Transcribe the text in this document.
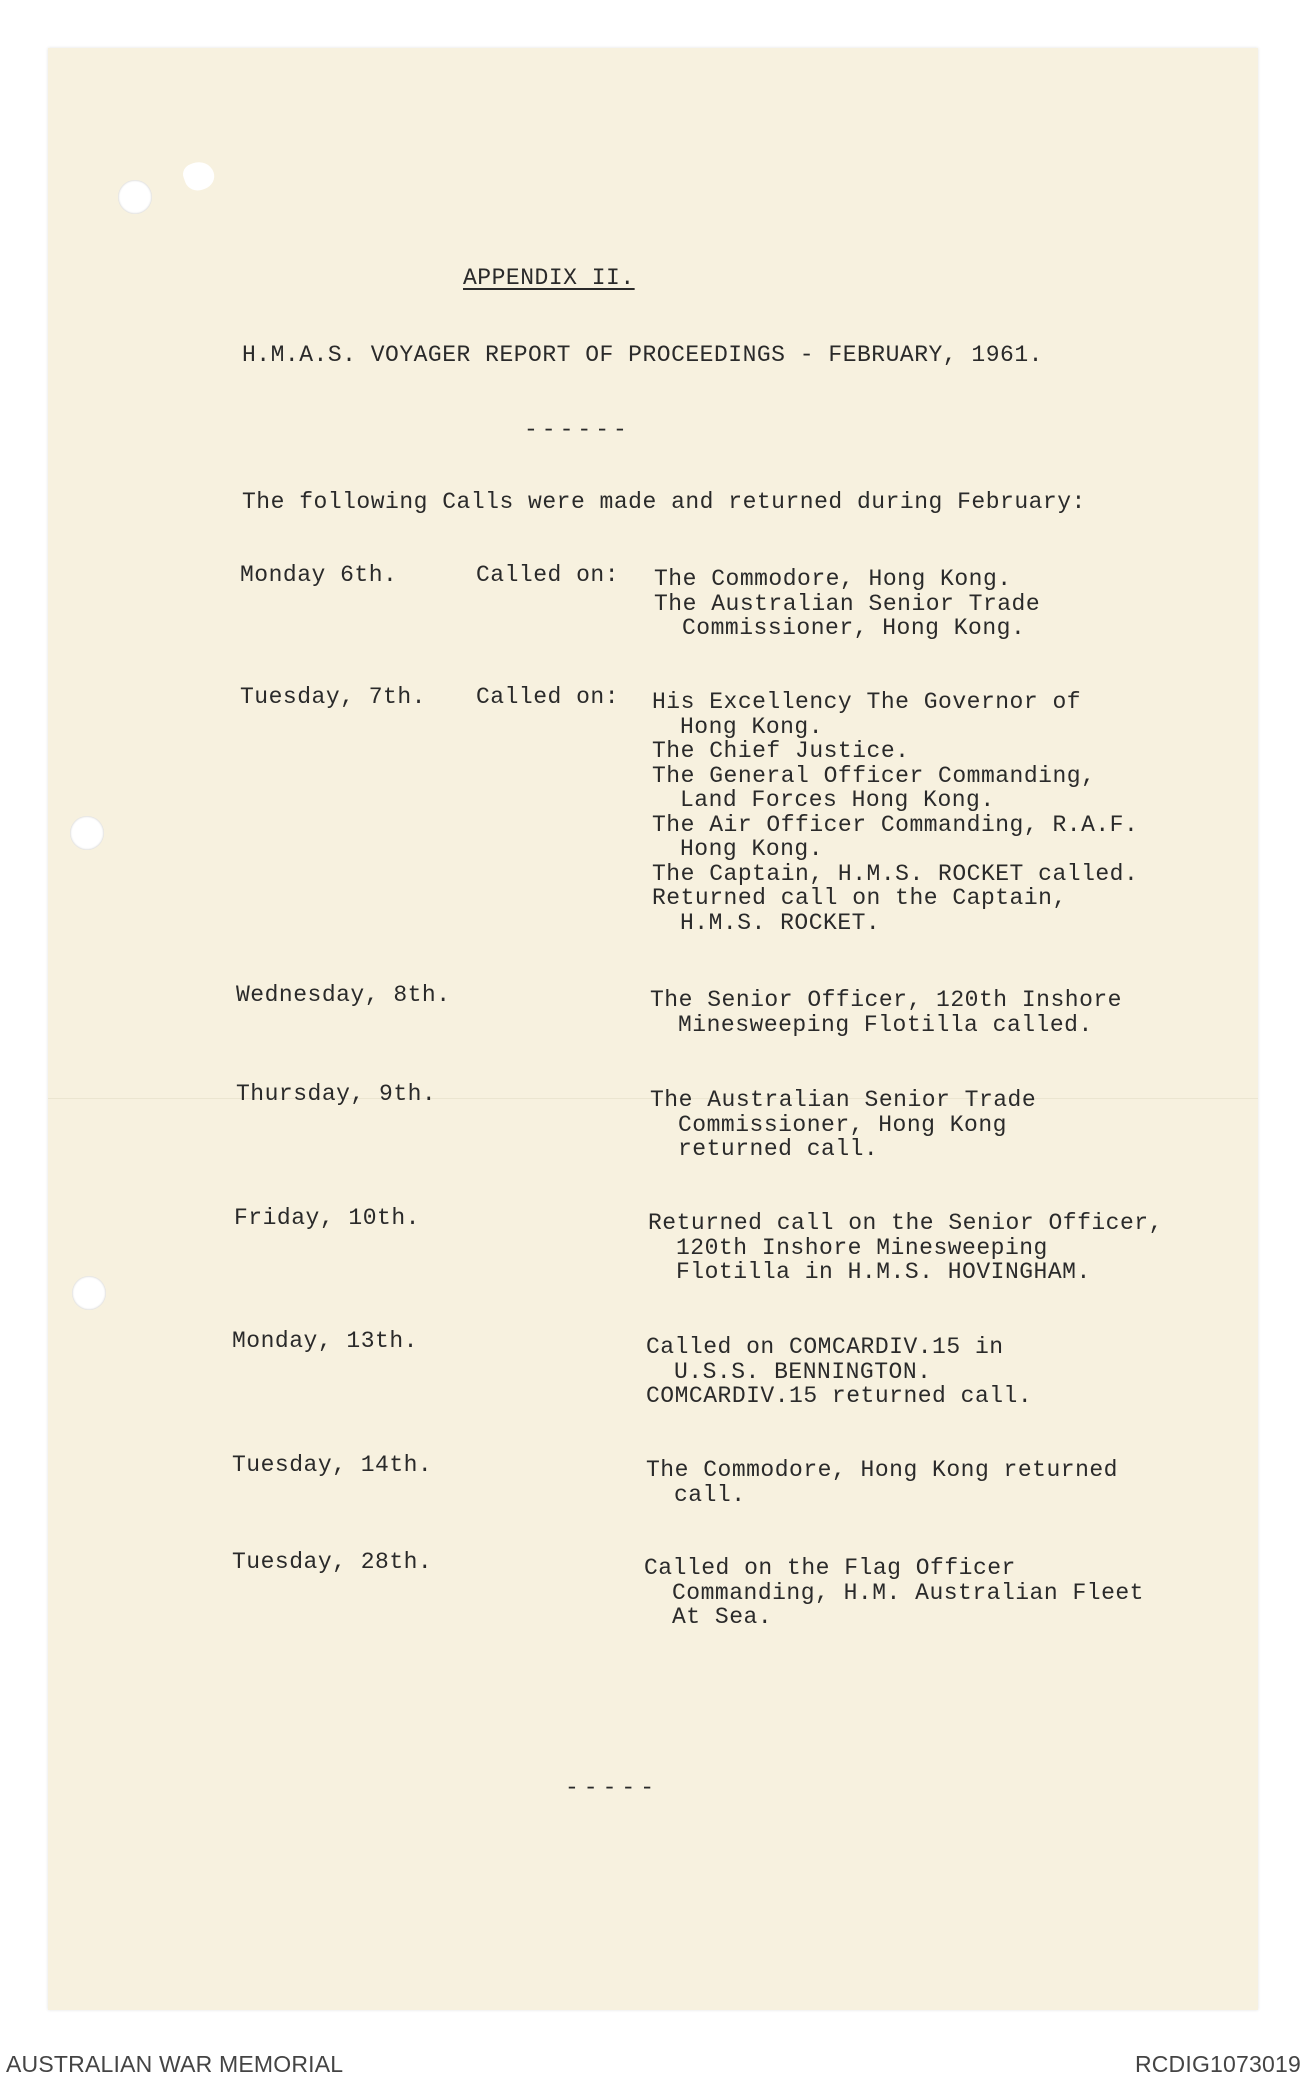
APPENDIX II.
H.M.A.S. VOYAGER REPORT OF PROCEEDINGS - FEBRUARY, 1961.
------
The following Calls were made and returned during February:
Monday 6th.	Called on: The Commodore, Hong Kong.
The Australian Senior Trade
Commissioner, Hong Kong.
Tuesday, 7th. Called on: His Excellency The Governor of
Hong Kong.
The Chief Justice.
The General Officer Commanding,
Land Forces Hong Kong.
The Air Officer Commanding, R.A.F.
Hong Kong.
The Captain, H.M.S. ROCKET called.
Returned call on the Captain,
H.M.S. ROCKET.
Wednesday, 8th.	The Senior Officer, 120th Inshore
Minesweeping Flotilla called.
Thursday, 9th.	The Australian Senior Trade
Commissioner, Hong Kong
returned call.
Friday, 10th.	Returned call on the Senior Officer,
120th Inshore Minesweeping
Flotilla in H.M.S. HOVINGHAM.
Monday, 13th.	Called on COMCARDIV.15 in
U.S.S. BENNINGTON.
COMCARDIV.15 returned call.
Tuesday, 14th.	The Commodore, Hong Kong returned
call.
Tuesday, 28th.	Called on the Flag Officer
Commanding, H.M. Australian Fleet
At Sea.
-----
AUSTRALIAN WAR MEMORIAL	RCDIG1073019
